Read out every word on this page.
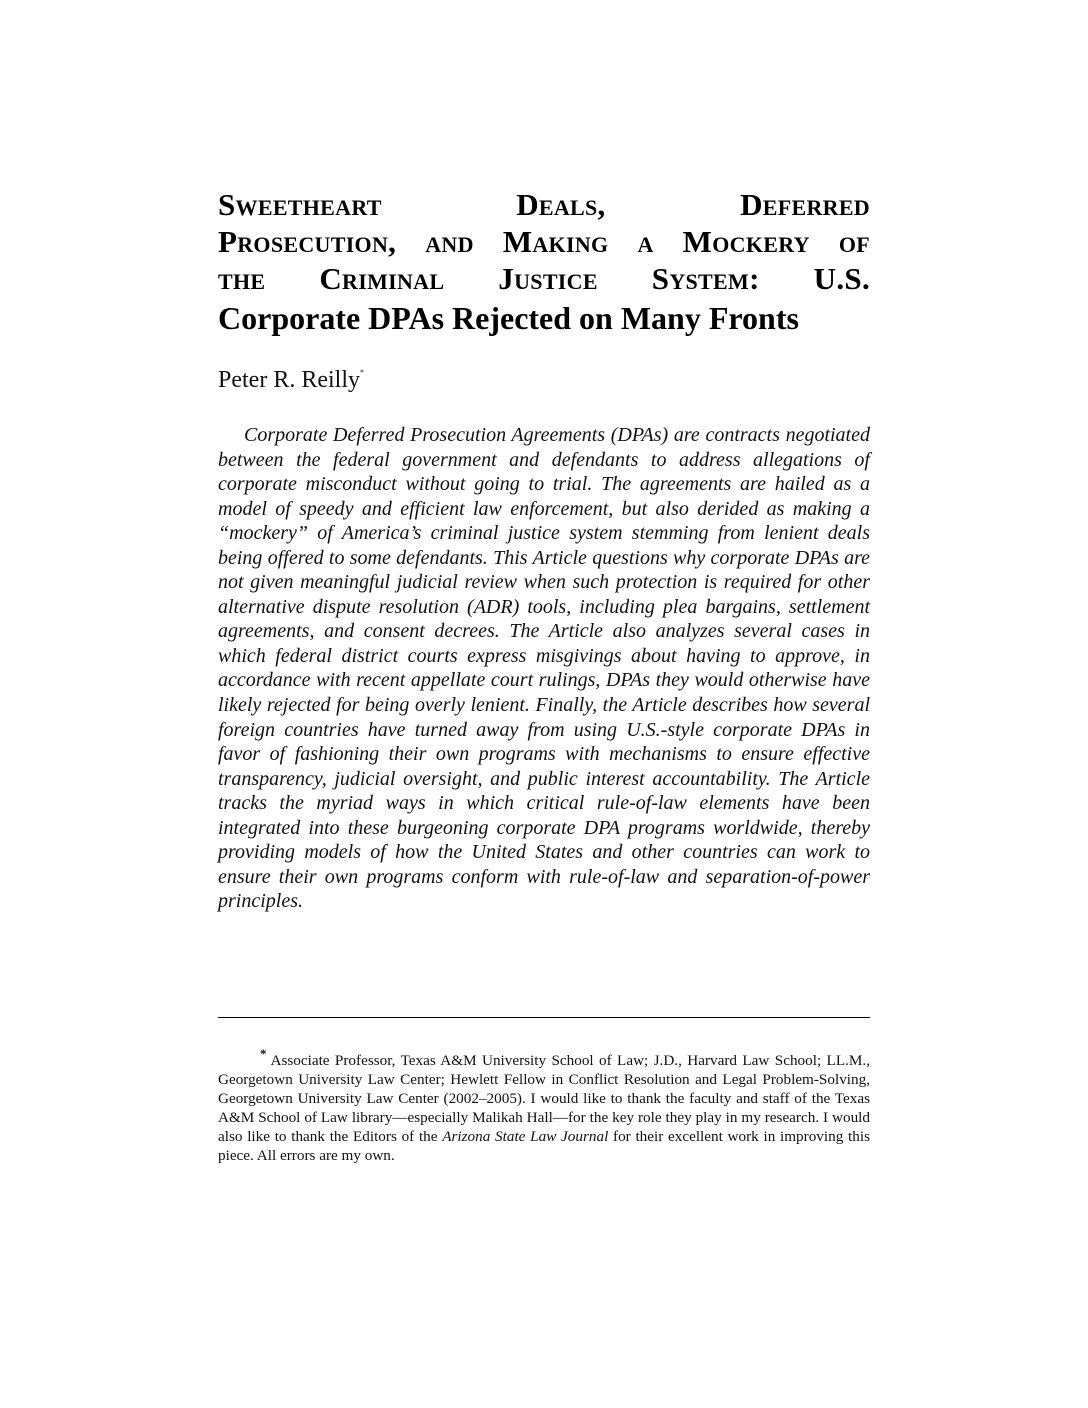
Sweetheart Deals, Deferred
Prosecution, and Making a Mockery of
the Criminal Justice System: U.S.
Corporate DPAs Rejected on Many Fronts

Peter R. Reilly*

Corporate Deferred Prosecution Agreements (DPAs) are contracts negotiated between the federal government and defendants to address allegations of corporate misconduct without going to trial. The agreements are hailed as a model of speedy and efficient law enforcement, but also derided as making a “mockery” of America’s criminal justice system stemming from lenient deals being offered to some defendants. This Article questions why corporate DPAs are not given meaningful judicial review when such protection is required for other alternative dispute resolution (ADR) tools, including plea bargains, settlement agreements, and consent decrees. The Article also analyzes several cases in which federal district courts express misgivings about having to approve, in accordance with recent appellate court rulings, DPAs they would otherwise have likely rejected for being overly lenient. Finally, the Article describes how several foreign countries have turned away from using U.S.-style corporate DPAs in favor of fashioning their own programs with mechanisms to ensure effective transparency, judicial oversight, and public interest accountability. The Article tracks the myriad ways in which critical rule-of-law elements have been integrated into these burgeoning corporate DPA programs worldwide, thereby providing models of how the United States and other countries can work to ensure their own programs conform with rule-of-law and separation-of-power principles.

* Associate Professor, Texas A&M University School of Law; J.D., Harvard Law School; LL.M., Georgetown University Law Center; Hewlett Fellow in Conflict Resolution and Legal Problem-Solving, Georgetown University Law Center (2002–2005). I would like to thank the faculty and staff of the Texas A&M School of Law library—especially Malikah Hall—for the key role they play in my research. I would also like to thank the Editors of the Arizona State Law Journal for their excellent work in improving this piece. All errors are my own.
